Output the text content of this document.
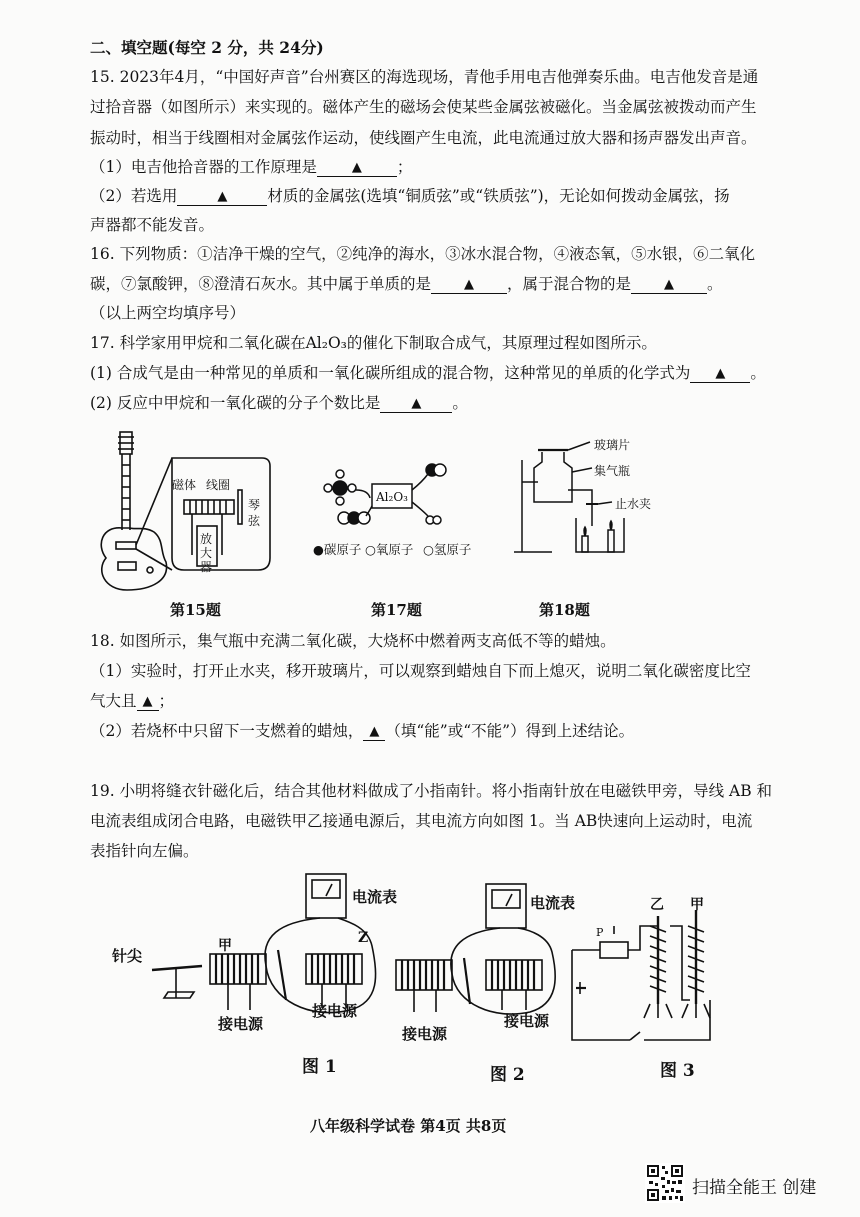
二、填空题(每空 2 分，共 24分)
15. 2023年4月，“中国好声音”台州赛区的海选现场，青他手用电吉他弹奏乐曲。电吉他发音是通
过拾音器（如图所示）来实现的。磁体产生的磁场会使某些金属弦被磁化。当金属弦被拨动而产生
振动时，相当于线圈相对金属弦作运动，使线圈产生电流，此电流通过放大器和扬声器发出声音。
（1）电吉他拾音器的工作原理是	▲ ；
（2）若选用	▲	材质的金属弦(选填“铜质弦”或“铁质弦”)，无论如何拨动金属弦，扬
声器都不能发音。
16. 下列物质：①洁净干燥的空气，②纯净的海水，③冰水混合物，④液态氧，⑤水银，⑥二氧化
碳，⑦氯酸钾，⑧澄清石灰水。其中属于单质的是	▲ ，属于混合物的是	▲ 。
（以上两空均填序号）
17. 科学家用甲烷和二氧化碳在Al₂O₃的催化下制取合成气，其原理过程如图所示。
(1) 合成气是由一种常见的单质和一氧化碳所组成的混合物，这种常见的单质的化学式为 ▲ 。
(2) 反应中甲烷和一氧化碳的分子个数比是 ▲ 。
磁体 线圈
琴
弦
放
大
器
Al₂O₃
●碳原子 ○氧原子 ○氢原子
玻璃片
集气瓶
止水夹
第15题	第17题	第18题
18. 如图所示，集气瓶中充满二氧化碳，大烧杯中燃着两支高低不等的蜡烛。
（1）实验时，打开止水夹，移开玻璃片，可以观察到蜡烛自下而上熄灭，说明二氧化碳密度比空
气大且 ▲ ；
（2）若烧杯中只留下一支燃着的蜡烛， ▲ （填“能”或“不能”）得到上述结论。
19. 小明将缝衣针磁化后，结合其他材料做成了小指南针。将小指南针放在电磁铁甲旁，导线 AB 和
电流表组成闭合电路，电磁铁甲乙接通电源后，其电流方向如图 1。当 AB快速向上运动时，电流
表指针向左偏。
针尖
甲
电流表
Z
接电源
接电源
电流表
接电源
接电源
P
乙 甲
图 1	图 2	图 3
八年级科学试卷 第4页 共8页
扫描全能王 创建
